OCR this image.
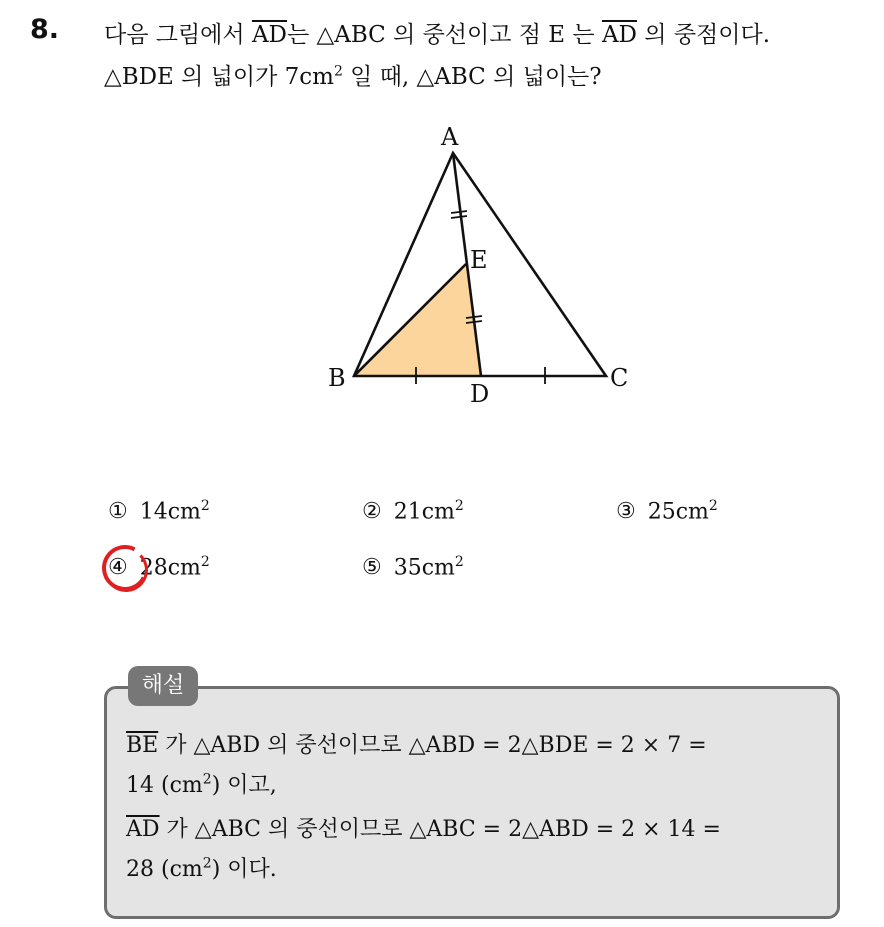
8. 다음 그림에서 $\overline{AD}$는 △ABC 의 중선이고 점 E 는 $\overline{AD}$ 의 중점이다.
△BDE 의 넓이가 $7cm^2$ 일 때, △ABC 의 넓이는?
A
E
B
D
C
① $14cm^2$	② $21cm^2$	③ $25cm^2$
④ $28cm^2$	⑤ $35cm^2$
해설
$\overline{BE}$ 가 △ABD 의 중선이므로 △ABD = 2△BDE = 2 × 7 =
14 $(cm^2)$ 이고,
$\overline{AD}$ 가 △ABC 의 중선이므로 △ABC = 2△ABD = 2 × 14 =
28 $(cm^2)$ 이다.
